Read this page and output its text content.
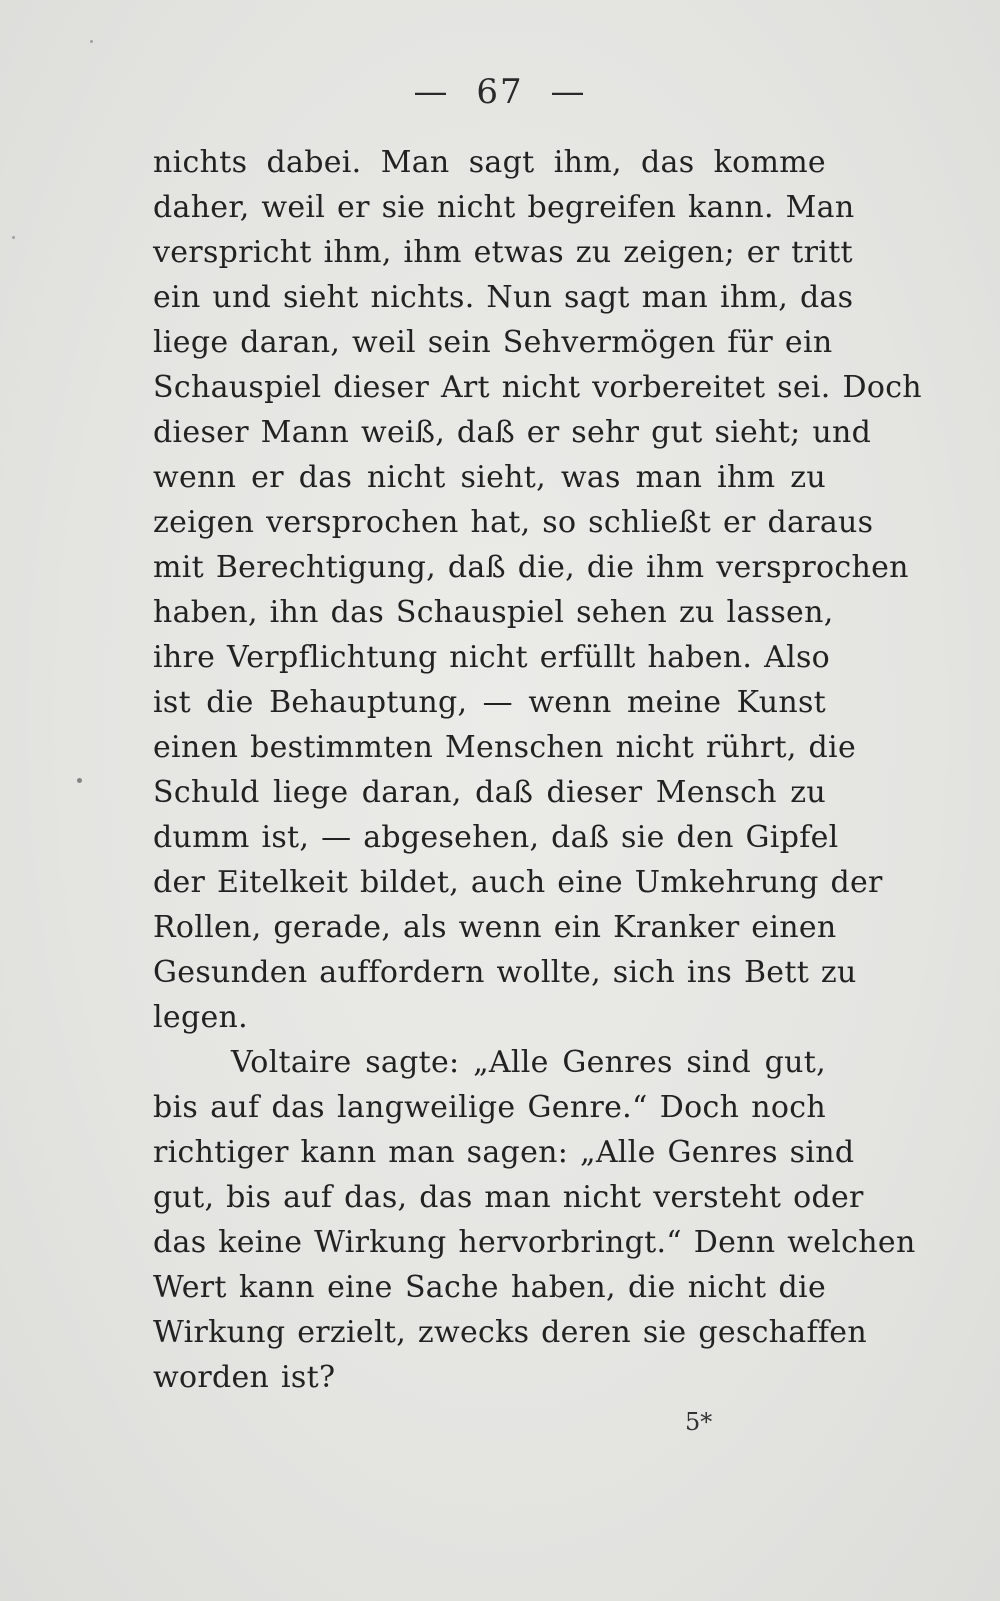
— 67 —
nichts dabei. Man sagt ihm, das komme
daher, weil er sie nicht begreifen kann. Man
verspricht ihm, ihm etwas zu zeigen; er tritt
ein und sieht nichts. Nun sagt man ihm, das
liege daran, weil sein Sehvermögen für ein
Schauspiel dieser Art nicht vorbereitet sei. Doch
dieser Mann weiß, daß er sehr gut sieht; und
wenn er das nicht sieht, was man ihm zu
zeigen versprochen hat, so schließt er daraus
mit Berechtigung, daß die, die ihm versprochen
haben, ihn das Schauspiel sehen zu lassen,
ihre Verpflichtung nicht erfüllt haben. Also
ist die Behauptung, — wenn meine Kunst
einen bestimmten Menschen nicht rührt, die
Schuld liege daran, daß dieser Mensch zu
dumm ist, — abgesehen, daß sie den Gipfel
der Eitelkeit bildet, auch eine Umkehrung der
Rollen, gerade, als wenn ein Kranker einen
Gesunden auffordern wollte, sich ins Bett zu
legen.
Voltaire sagte: „Alle Genres sind gut,
bis auf das langweilige Genre.“ Doch noch
richtiger kann man sagen: „Alle Genres sind
gut, bis auf das, das man nicht versteht oder
das keine Wirkung hervorbringt.“ Denn welchen
Wert kann eine Sache haben, die nicht die
Wirkung erzielt, zwecks deren sie geschaffen
worden ist?
5*
